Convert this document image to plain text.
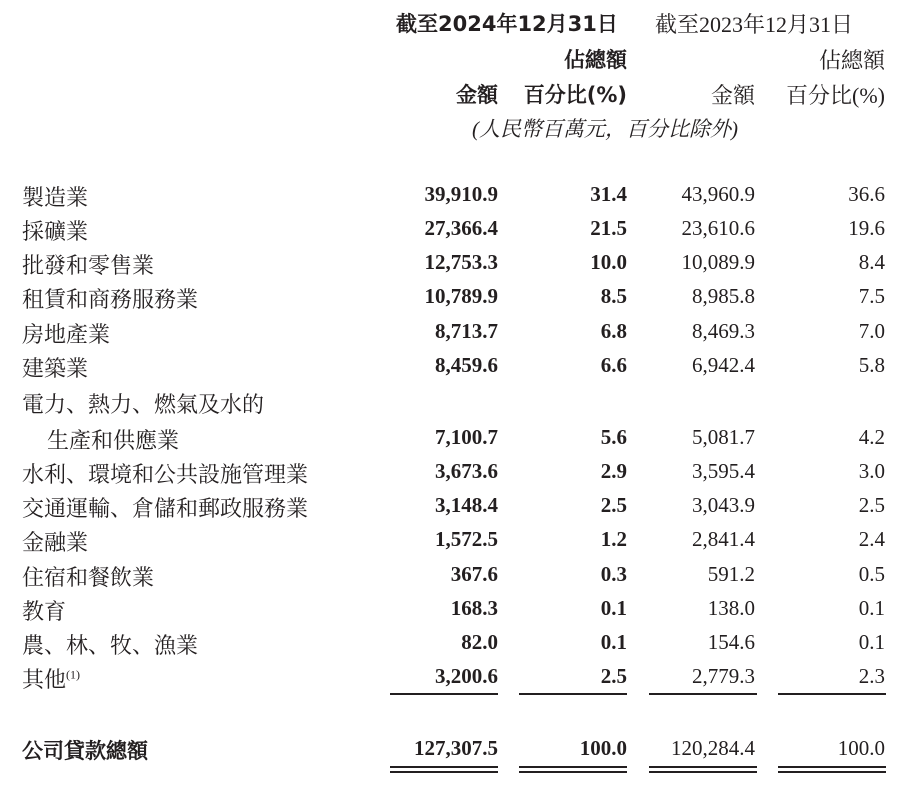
截至2024年12月31日 截至2023年12月31日
佔總額	佔總額
金額 百分比(%)	金額 百分比(%)
(人民幣百萬元，百分比除外)
製造業	39,910.9	31.4	43,960.9	36.6
採礦業	27,366.4	21.5	23,610.6	19.6
批發和零售業	12,753.3	10.0	10,089.9	8.4
租賃和商務服務業	10,789.9	8.5	8,985.8	7.5
房地產業	8,713.7	6.8	8,469.3	7.0
建築業	8,459.6	6.6	6,942.4	5.8
電力、熱力、燃氣及水的
生產和供應業	7,100.7	5.6	5,081.7	4.2
水利、環境和公共設施管理業	3,673.6	2.9	3,595.4	3.0
交通運輸、倉儲和郵政服務業	3,148.4	2.5	3,043.9	2.5
金融業	1,572.5	1.2	2,841.4	2.4
住宿和餐飲業	367.6	0.3	591.2	0.5
教育	168.3	0.1	138.0	0.1
農、林、牧、漁業	82.0	0.1	154.6	0.1
其他$^{(1)}$	3,200.6	2.5	2,779.3	2.3
公司貸款總額	127,307.5	100.0 120,284.4	100.0
